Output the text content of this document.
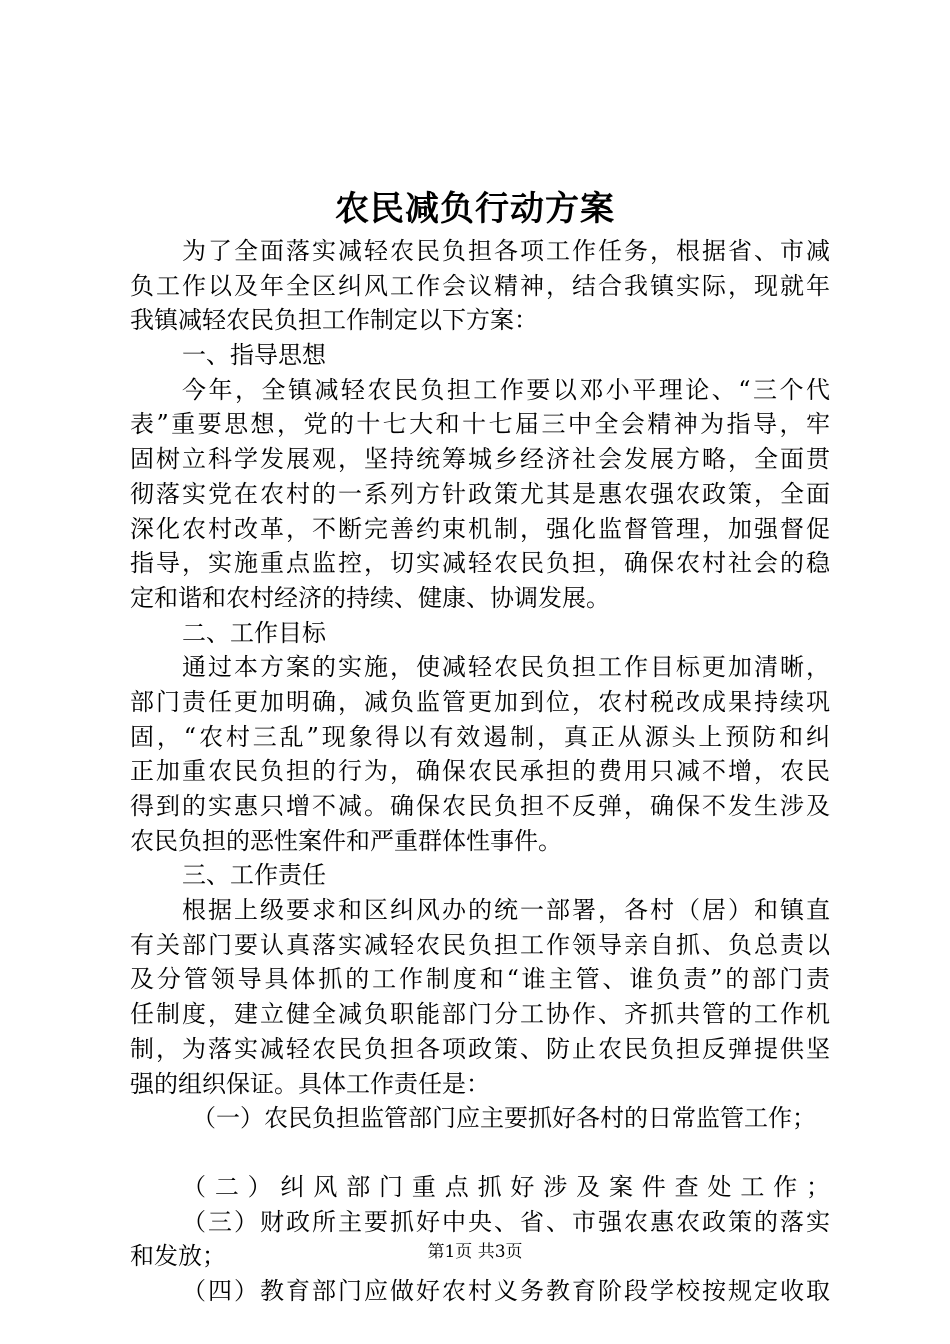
农民减负行动方案
为了全面落实减轻农民负担各项工作任务，根据省、市减
负工作以及年全区纠风工作会议精神，结合我镇实际，现就年
我镇减轻农民负担工作制定以下方案：
一、指导思想
今年，全镇减轻农民负担工作要以邓小平理论、“三个代
表”重要思想，党的十七大和十七届三中全会精神为指导，牢
固树立科学发展观，坚持统筹城乡经济社会发展方略，全面贯
彻落实党在农村的一系列方针政策尤其是惠农强农政策，全面
深化农村改革，不断完善约束机制，强化监督管理，加强督促
指导，实施重点监控，切实减轻农民负担，确保农村社会的稳
定和谐和农村经济的持续、健康、协调发展。
二、工作目标
通过本方案的实施，使减轻农民负担工作目标更加清晰，
部门责任更加明确，减负监管更加到位，农村税改成果持续巩
固，“农村三乱”现象得以有效遏制，真正从源头上预防和纠
正加重农民负担的行为，确保农民承担的费用只减不增，农民
得到的实惠只增不减。确保农民负担不反弹，确保不发生涉及
农民负担的恶性案件和严重群体性事件。
三、工作责任
根据上级要求和区纠风办的统一部署，各村（居）和镇直
有关部门要认真落实减轻农民负担工作领导亲自抓、负总责以
及分管领导具体抓的工作制度和“谁主管、谁负责”的部门责
任制度，建立健全减负职能部门分工协作、齐抓共管的工作机
制，为落实减轻农民负担各项政策、防止农民负担反弹提供坚
强的组织保证。具体工作责任是：
（一）农民负担监管部门应主要抓好各村的日常监管工作；
（二）纠风部门重点抓好涉及案件查处工作；
（三）财政所主要抓好中央、省、市强农惠农政策的落实
和发放；
（四）教育部门应做好农村义务教育阶段学校按规定收取
第1页 共3页
